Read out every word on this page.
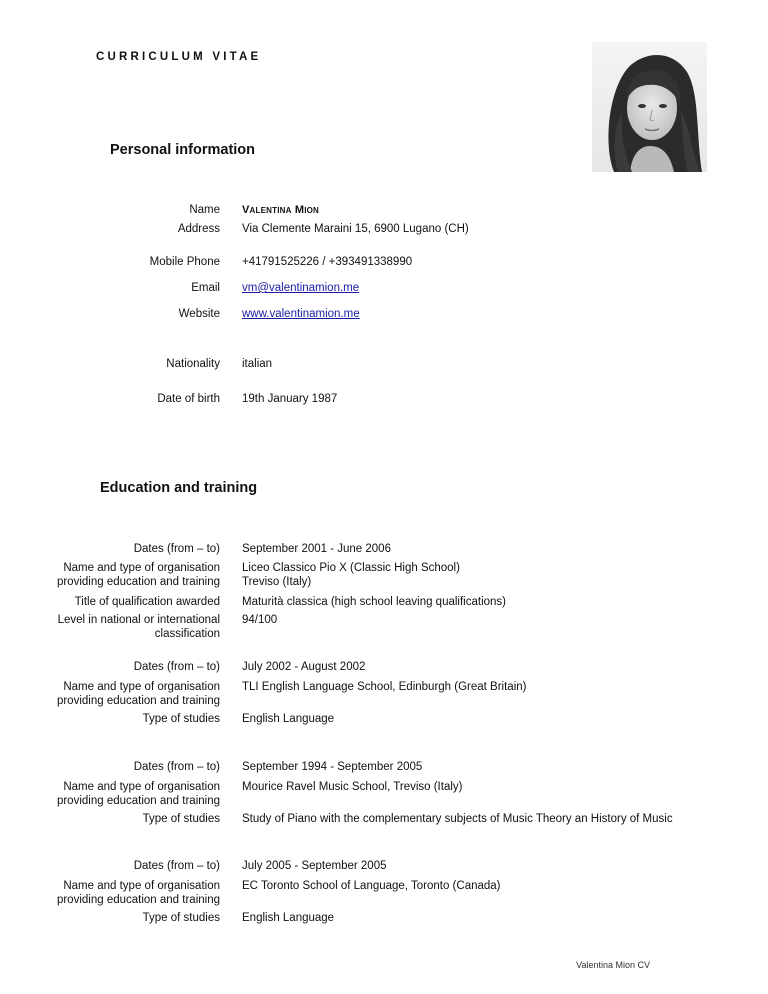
CURRICULUM VITAE
Personal information
Name Valentina Mion
Address Via Clemente Maraini 15, 6900 Lugano (CH)
Mobile Phone +41791525226 / +393491338990
Email vm@valentinamion.me
Website www.valentinamion.me
Nationality italian
Date of birth 19th January 1987
Education and training
Dates (from – to) September 2001 - June 2006
Name and type of organisation
providing education and training
Liceo Classico Pio X (Classic High School)
Treviso (Italy)
Title of qualification awarded Maturità classica (high school leaving qualifications)
Level in national or international
classification
94/100
Dates (from – to) July 2002 - August 2002
Name and type of organisation
providing education and training
TLI English Language School, Edinburgh (Great Britain)
Type of studies English Language
Dates (from – to) September 1994 - September 2005
Name and type of organisation
providing education and training
Mourice Ravel Music School, Treviso (Italy)
Type of studies Study of Piano with the complementary subjects of Music Theory an History of Music
Dates (from – to) July 2005 - September 2005
Name and type of organisation
providing education and training
EC Toronto School of Language, Toronto (Canada)
Type of studies English Language
Valentina Mion CV
